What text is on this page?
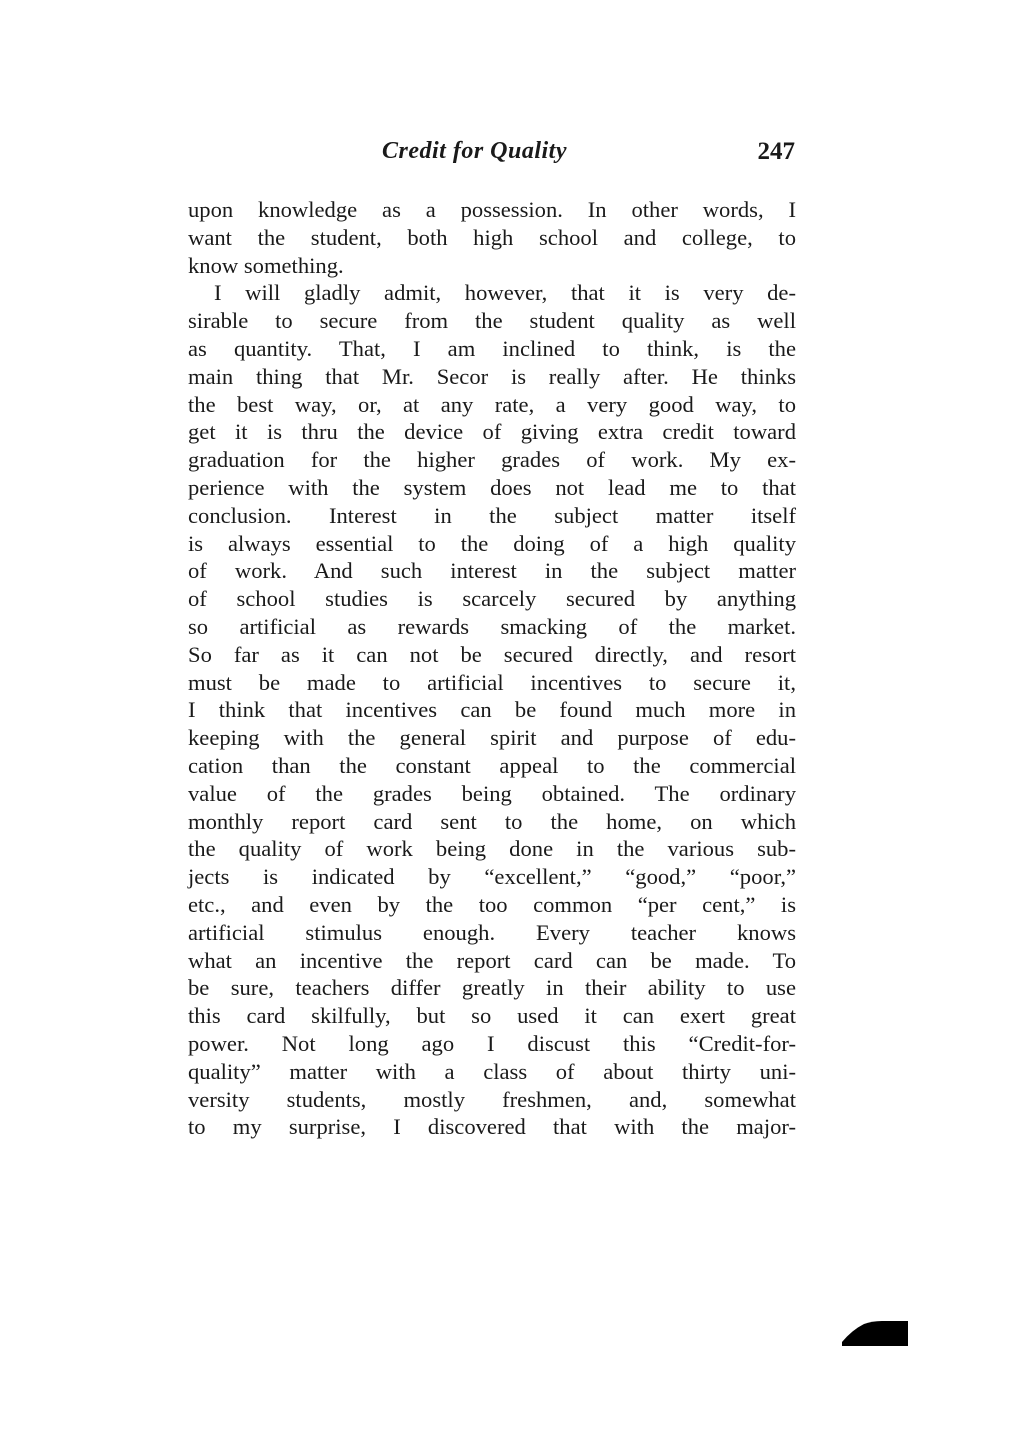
Credit for Quality	247
upon knowledge as a possession. In other words, I
want the student, both high school and college, to
know something.
I will gladly admit, however, that it is very de-
sirable to secure from the student quality as well
as quantity. That, I am inclined to think, is the
main thing that Mr. Secor is really after. He thinks
the best way, or, at any rate, a very good way, to
get it is thru the device of giving extra credit toward
graduation for the higher grades of work. My ex-
perience with the system does not lead me to that
conclusion. Interest in the subject matter itself
is always essential to the doing of a high quality
of work. And such interest in the subject matter
of school studies is scarcely secured by anything
so artificial as rewards smacking of the market.
So far as it can not be secured directly, and resort
must be made to artificial incentives to secure it,
I think that incentives can be found much more in
keeping with the general spirit and purpose of edu-
cation than the constant appeal to the commercial
value of the grades being obtained. The ordinary
monthly report card sent to the home, on which
the quality of work being done in the various sub-
jects is indicated by “excellent,” “good,” “poor,”
etc., and even by the too common “per cent,” is
artificial stimulus enough. Every teacher knows
what an incentive the report card can be made. To
be sure, teachers differ greatly in their ability to use
this card skilfully, but so used it can exert great
power. Not long ago I discust this “Credit-for-
quality” matter with a class of about thirty uni-
versity students, mostly freshmen, and, somewhat
to my surprise, I discovered that with the major-
